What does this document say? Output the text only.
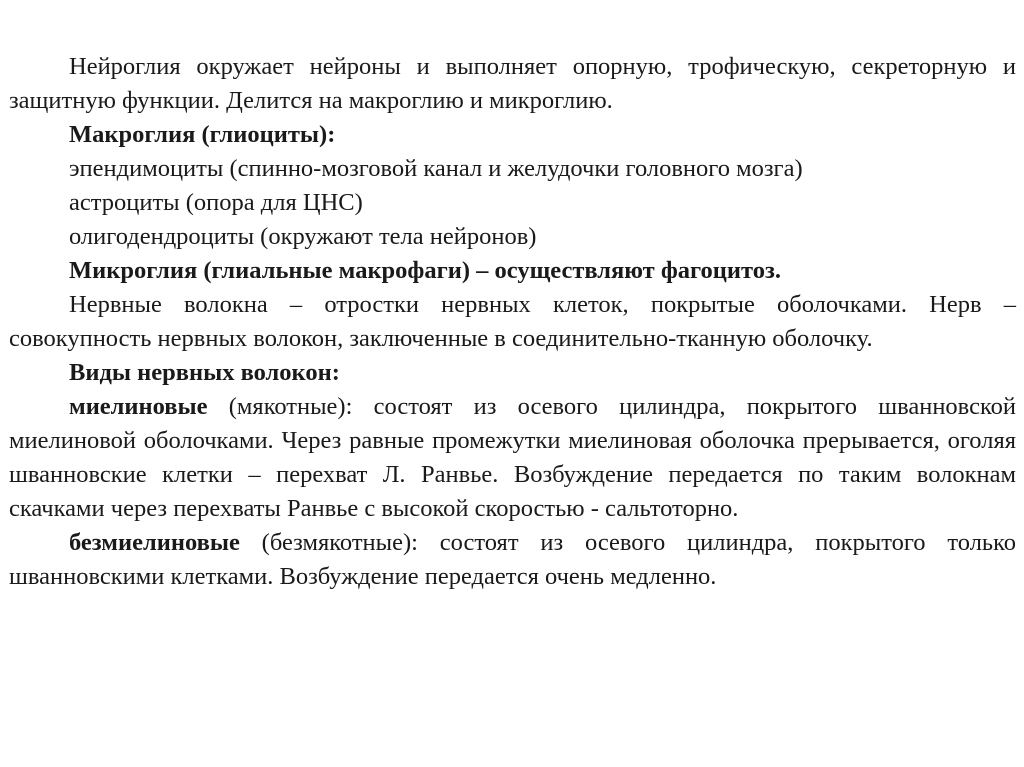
Нейроглия окружает нейроны и выполняет опорную, трофическую, секреторную и защитную функции. Делится на макроглию и микроглию.

Макроглия (глиоциты):

эпендимоциты (спинно-мозговой канал и желудочки головного мозга)

астроциты (опора для ЦНС)

олигодендроциты (окружают тела нейронов)

Микроглия (глиальные макрофаги) – осуществляют фагоцитоз.

Нервные волокна – отростки нервных клеток, покрытые оболочками. Нерв – совокупность нервных волокон, заключенные в соединительно-тканную оболочку.

Виды нервных волокон:

миелиновые (мякотные): состоят из осевого цилиндра, покрытого шванновской миелиновой оболочками. Через равные промежутки миелиновая оболочка прерывается, оголяя шванновские клетки – перехват Л. Ранвье. Возбуждение передается по таким волокнам скачками через перехваты Ранвье с высокой скоростью - сальтоторно.

безмиелиновые (безмякотные): состоят из осевого цилиндра, покрытого только шванновскими клетками. Возбуждение передается очень медленно.
